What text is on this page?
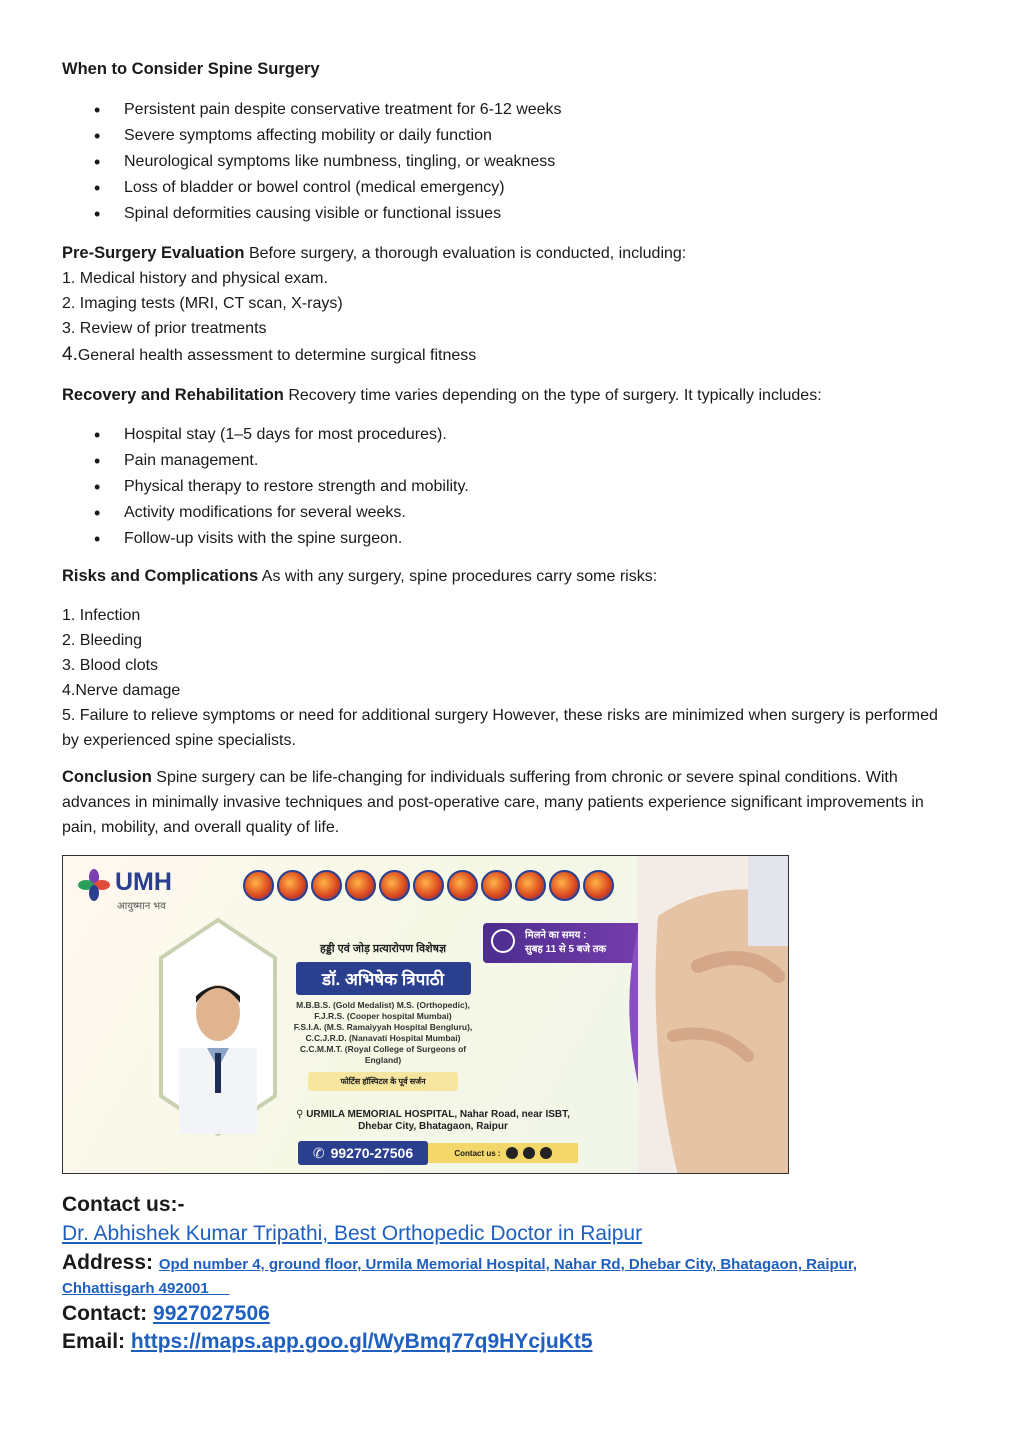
When to Consider Spine Surgery
• Persistent pain despite conservative treatment for 6-12 weeks
• Severe symptoms affecting mobility or daily function
• Neurological symptoms like numbness, tingling, or weakness
• Loss of bladder or bowel control (medical emergency)
• Spinal deformities causing visible or functional issues
Pre-Surgery Evaluation Before surgery, a thorough evaluation is conducted, including:
1. Medical history and physical exam.
2. Imaging tests (MRI, CT scan, X-rays)
3. Review of prior treatments
4.General health assessment to determine surgical fitness
Recovery and Rehabilitation Recovery time varies depending on the type of surgery. It typically includes:
• Hospital stay (1–5 days for most procedures).
• Pain management.
• Physical therapy to restore strength and mobility.
• Activity modifications for several weeks.
• Follow-up visits with the spine surgeon.
Risks and Complications As with any surgery, spine procedures carry some risks:
1. Infection
2. Bleeding
3. Blood clots
4.Nerve damage
5. Failure to relieve symptoms or need for additional surgery However, these risks are minimized when surgery is performed by experienced spine specialists.
Conclusion Spine surgery can be life-changing for individuals suffering from chronic or severe spinal conditions. With advances in minimally invasive techniques and post-operative care, many patients experience significant improvements in pain, mobility, and overall quality of life.
UMH
आयुष्मान भव
हड्डी एवं जोड़ प्रत्यारोपण विशेषज्ञ
डॉ. अभिषेक त्रिपाठी
M.B.B.S. (Gold Medalist) M.S. (Orthopedic),
F.J.R.S. (Cooper hospital Mumbai)
F.S.I.A. (M.S. Ramaiyyah Hospital Bengluru),
C.C.J.R.D. (Nanavati Hospital Mumbai)
C.C.M.M.T. (Royal College of Surgeons of England)
फोर्टिस हॉस्पिटल के पूर्व सर्जन
मिलने का समय :
सुबह 11 से 5 बजे तक
⚲ URMILA MEMORIAL HOSPITAL, Nahar Road, near ISBT,
Dhebar City, Bhatagaon, Raipur
✆ 99270-27506	Contact us :
Contact us:-
Dr. Abhishek Kumar Tripathi, Best Orthopedic Doctor in Raipur
Address: Opd number 4, ground floor, Urmila Memorial Hospital, Nahar Rd, Dhebar City, Bhatagaon, Raipur,
Chhattisgarh 492001
Contact: 9927027506
Email: https://maps.app.goo.gl/WyBmq77q9HYcjuKt5
